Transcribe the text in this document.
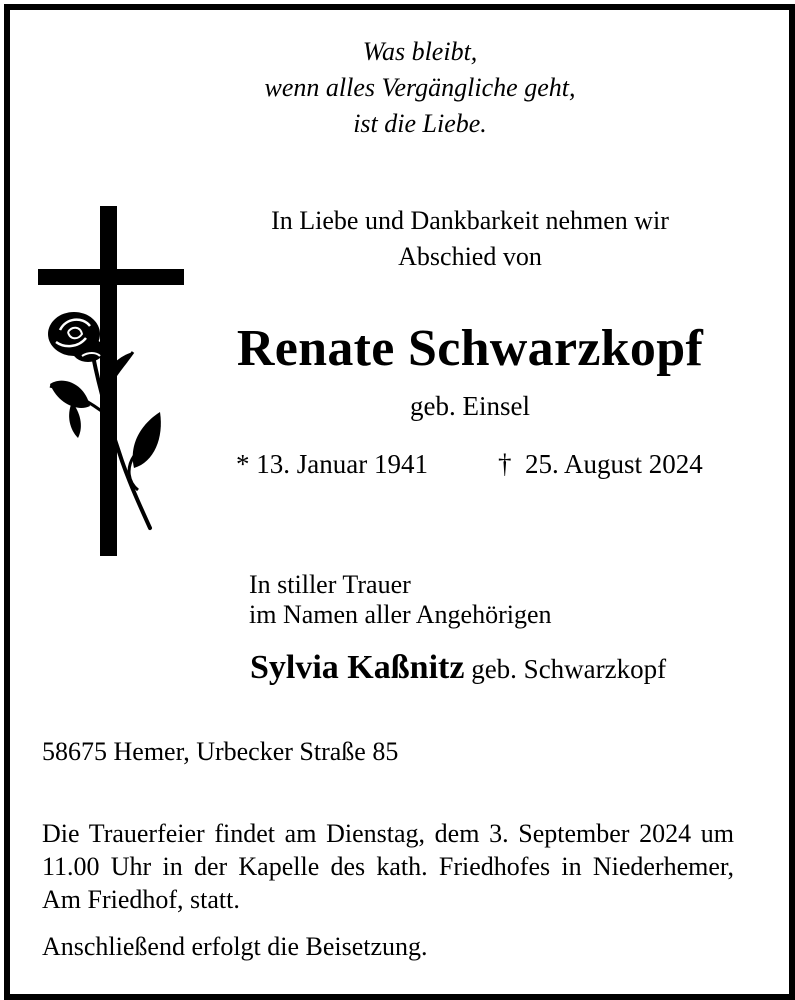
Was bleibt,
wenn alles Vergängliche geht,
ist die Liebe.
In Liebe und Dankbarkeit nehmen wir
Abschied von
Renate Schwarzkopf
geb. Einsel
* 13. Januar 1941	† 25. August 2024
In stiller Trauer
im Namen aller Angehörigen
Sylvia Kaßnitz geb. Schwarzkopf
58675 Hemer, Urbecker Straße 85
Die Trauerfeier findet am Dienstag, dem 3. September 2024 um 11.00 Uhr in der Kapelle des kath. Friedhofes in Niederhemer, Am Friedhof, statt.
Anschließend erfolgt die Beisetzung.
